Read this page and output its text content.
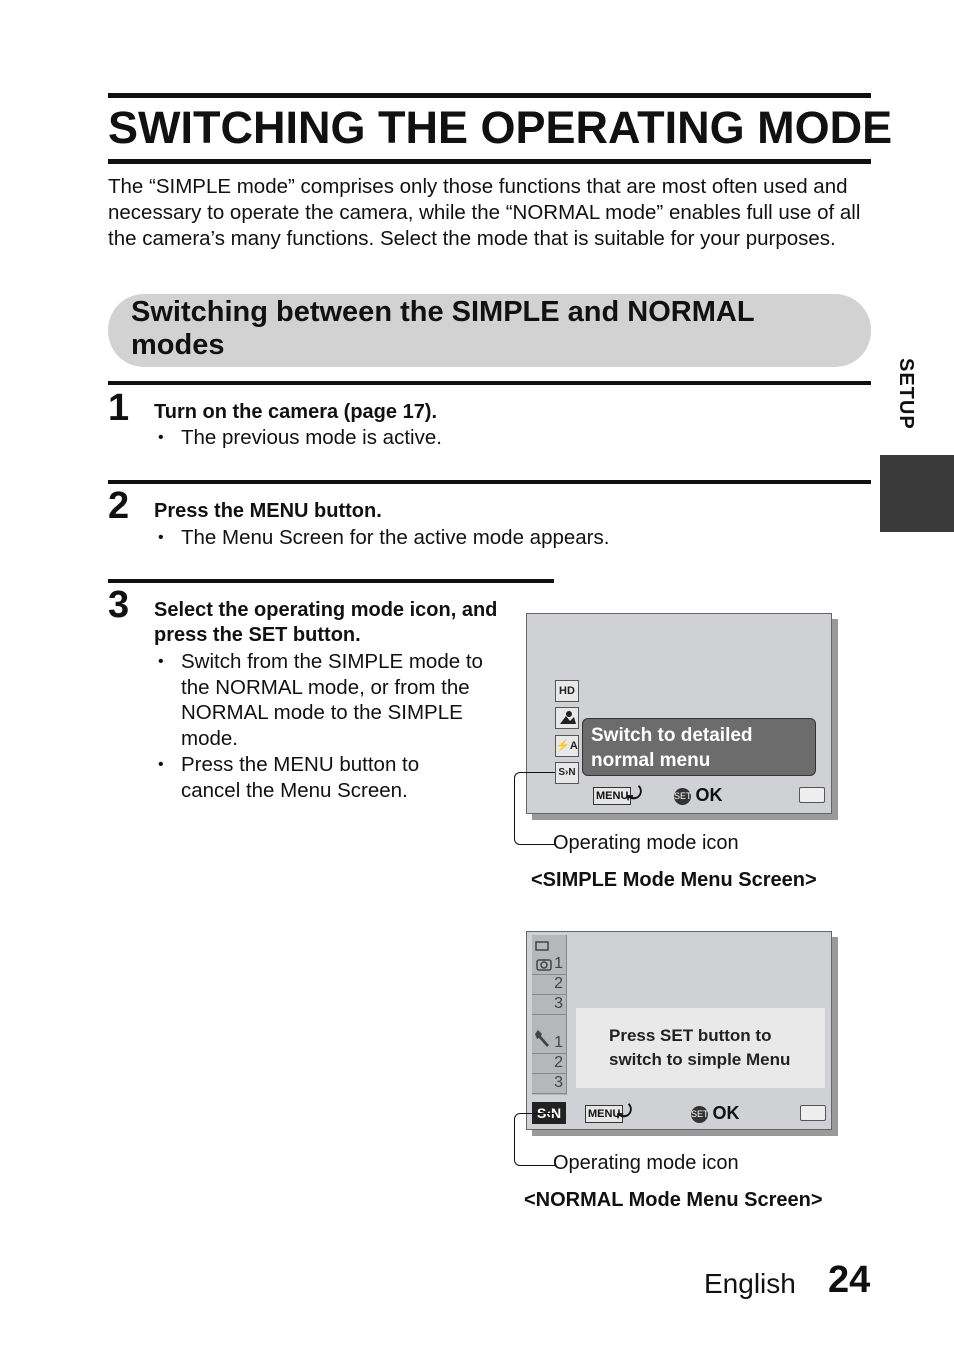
SWITCHING THE OPERATING MODE
The “SIMPLE mode” comprises only those functions that are most often used and necessary to operate the camera, while the “NORMAL mode” enables full use of all the camera’s many functions. Select the mode that is suitable for your purposes.
Switching between the SIMPLE and NORMAL modes
SETUP
1 Turn on the camera (page 17).
• The previous mode is active.
2 Press the MENU button.
• The Menu Screen for the active mode appears.
3 Select the operating mode icon, and press the SET button.
• Switch from the SIMPLE mode to the NORMAL mode, or from the NORMAL mode to the SIMPLE mode.
• Press the MENU button to cancel the Menu Screen.
HD
⚡A
S›N
Switch to detailed normal menu
MENU
⤾	SET OK
Operating mode icon
<SIMPLE Mode Menu Screen>
1
2
3
1
2
3
Press SET button to switch to simple Menu
S‹N	MENU
⤾	SET OK
Operating mode icon
<NORMAL Mode Menu Screen>
English 24
